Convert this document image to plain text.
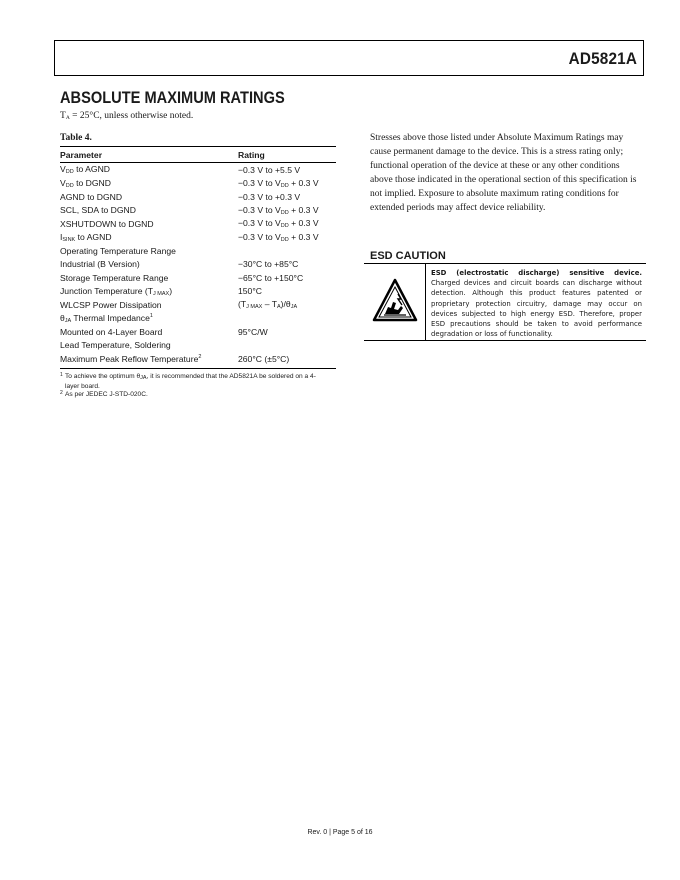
AD5821A
ABSOLUTE MAXIMUM RATINGS
$T_A = 25^\circ C$, unless otherwise noted.
Table 4.
Parameter	Rating
$V_{DD}$ to AGND	−0.3 V to +5.5 V
$V_{DD}$ to DGND	−0.3 V to $V_{DD} + 0.3$ V
AGND to DGND	−0.3 V to +0.3 V
SCL, SDA to DGND	−0.3 V to $V_{DD} + 0.3$ V
XSHUTDOWN to DGND	−0.3 V to $V_{DD} + 0.3$ V
$I_{SINK}$ to AGND	−0.3 V to $V_{DD} + 0.3$ V
Operating Temperature Range	
Industrial (B Version)	−30°C to +85°C
Storage Temperature Range	−65°C to +150°C
Junction Temperature $(T_{J MAX})$	150°C
WLCSP Power Dissipation	$(T_{J MAX} - T_A)/\theta_{JA}$
$\theta_{JA}$ Thermal Impedance$^1$	
Mounted on 4-Layer Board	95°C/W
Lead Temperature, Soldering	
Maximum Peak Reflow Temperature$^2$	260°C (±5°C)
1 To achieve the optimum $\theta_{JA}$, it is recommended that the AD5821A be soldered on a 4-layer board.
2 As per JEDEC J-STD-020C.
Stresses above those listed under Absolute Maximum Ratings may cause permanent damage to the device. This is a stress rating only; functional operation of the device at these or any other conditions above those indicated in the operational section of this specification is not implied. Exposure to absolute maximum rating conditions for extended periods may affect device reliability.
ESD CAUTION
ESD (electrostatic discharge) sensitive device. Charged devices and circuit boards can discharge without detection. Although this product features patented or proprietary protection circuitry, damage may occur on devices subjected to high energy ESD. Therefore, proper ESD precautions should be taken to avoid performance degradation or loss of functionality.
Rev. 0 | Page 5 of 16
